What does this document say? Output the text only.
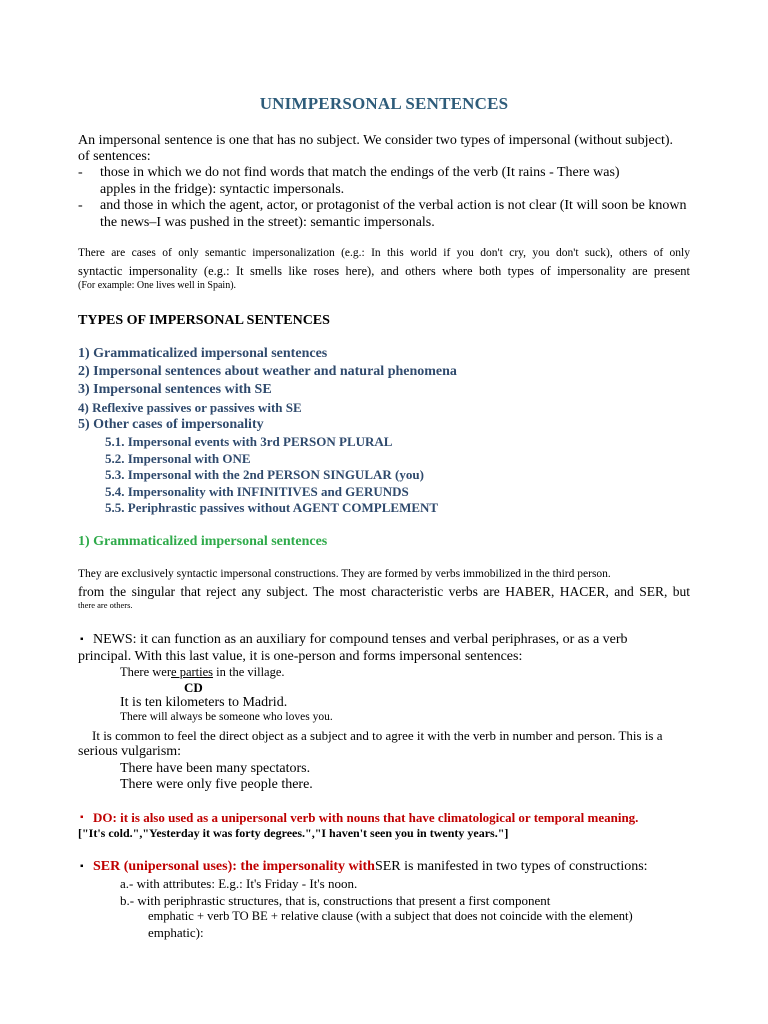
UNIMPERSONAL SENTENCES
An impersonal sentence is one that has no subject. We consider two types of impersonal (without subject).
of sentences:
- those in which we do not find words that match the endings of the verb (It rains - There was)
apples in the fridge): syntactic impersonals.
- and those in which the agent, actor, or protagonist of the verbal action is not clear (It will soon be known
the news–I was pushed in the street): semantic impersonals.
There are cases of only semantic impersonalization (e.g.: In this world if you don't cry, you don't suck), others of only
syntactic impersonality (e.g.: It smells like roses here), and others where both types of impersonality are present
(For example: One lives well in Spain).
TYPES OF IMPERSONAL SENTENCES
1) Grammaticalized impersonal sentences
2) Impersonal sentences about weather and natural phenomena
3) Impersonal sentences with SE
4) Reflexive passives or passives with SE
5) Other cases of impersonality
5.1. Impersonal events with 3rd PERSON PLURAL
5.2. Impersonal with ONE
5.3. Impersonal with the 2nd PERSON SINGULAR (you)
5.4. Impersonality with INFINITIVES and GERUNDS
5.5. Periphrastic passives without AGENT COMPLEMENT
1) Grammaticalized impersonal sentences
They are exclusively syntactic impersonal constructions. They are formed by verbs immobilized in the third person.
from the singular that reject any subject. The most characteristic verbs are HABER, HACER, and SER, but
there are others.
▪ NEWS: it can function as an auxiliary for compound tenses and verbal periphrases, or as a verb
principal. With this last value, it is one-person and forms impersonal sentences:
There were parties in the village.
CD
It is ten kilometers to Madrid.
There will always be someone who loves you.
It is common to feel the direct object as a subject and to agree it with the verb in number and person. This is a
serious vulgarism:
There have been many spectators.
There were only five people there.
▪ DO: it is also used as a unipersonal verb with nouns that have climatological or temporal meaning.
["It's cold.","Yesterday it was forty degrees.","I haven't seen you in twenty years."]
▪ SER (unipersonal uses): the impersonality withSER is manifested in two types of constructions:
a.- with attributes: E.g.: It's Friday - It's noon.
b.- with periphrastic structures, that is, constructions that present a first component
emphatic + verb TO BE + relative clause (with a subject that does not coincide with the element)
emphatic):
